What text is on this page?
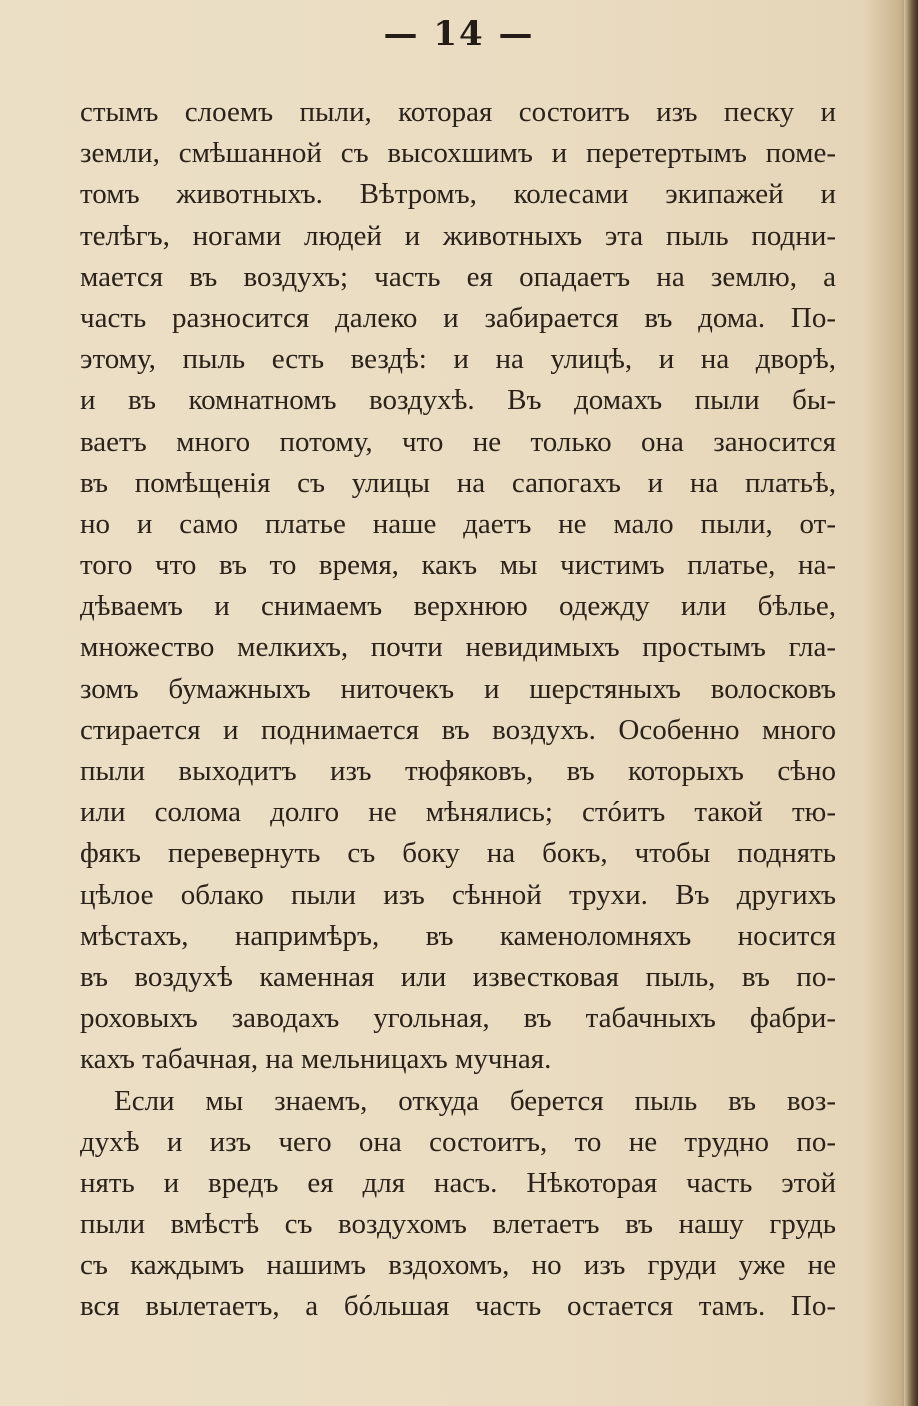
— 14 —
стымъ слоемъ пыли, которая состоитъ изъ песку и
земли, смѣшанной съ высохшимъ и перетертымъ поме-
томъ животныхъ. Вѣтромъ, колесами экипажей и
телѣгъ, ногами людей и животныхъ эта пыль подни-
мается въ воздухъ; часть ея опадаетъ на землю, а
часть разносится далеко и забирается въ дома. По-
этому, пыль есть вездѣ: и на улицѣ, и на дворѣ,
и въ комнатномъ воздухѣ. Въ домахъ пыли бы-
ваетъ много потому, что не только она заносится
въ помѣщенія съ улицы на сапогахъ и на платьѣ,
но и само платье наше даетъ не мало пыли, от-
того что въ то время, какъ мы чистимъ платье, на-
дѣваемъ и снимаемъ верхнюю одежду или бѣлье,
множество мелкихъ, почти невидимыхъ простымъ гла-
зомъ бумажныхъ ниточекъ и шерстяныхъ волосковъ
стирается и поднимается въ воздухъ. Особенно много
пыли выходитъ изъ тюфяковъ, въ которыхъ сѣно
или солома долго не мѣнялись; стóитъ такой тю-
фякъ перевернуть съ боку на бокъ, чтобы поднять
цѣлое облако пыли изъ сѣнной трухи. Въ другихъ
мѣстахъ, напримѣръ, въ каменоломняхъ носится
въ воздухѣ каменная или известковая пыль, въ по-
роховыхъ заводахъ угольная, въ табачныхъ фабри-
кахъ табачная, на мельницахъ мучная.
Если мы знаемъ, откуда берется пыль въ воз-
духѣ и изъ чего она состоитъ, то не трудно по-
нять и вредъ ея для насъ. Нѣкоторая часть этой
пыли вмѣстѣ съ воздухомъ влетаетъ въ нашу грудь
съ каждымъ нашимъ вздохомъ, но изъ груди уже не
вся вылетаетъ, а бóльшая часть остается тамъ. По-
